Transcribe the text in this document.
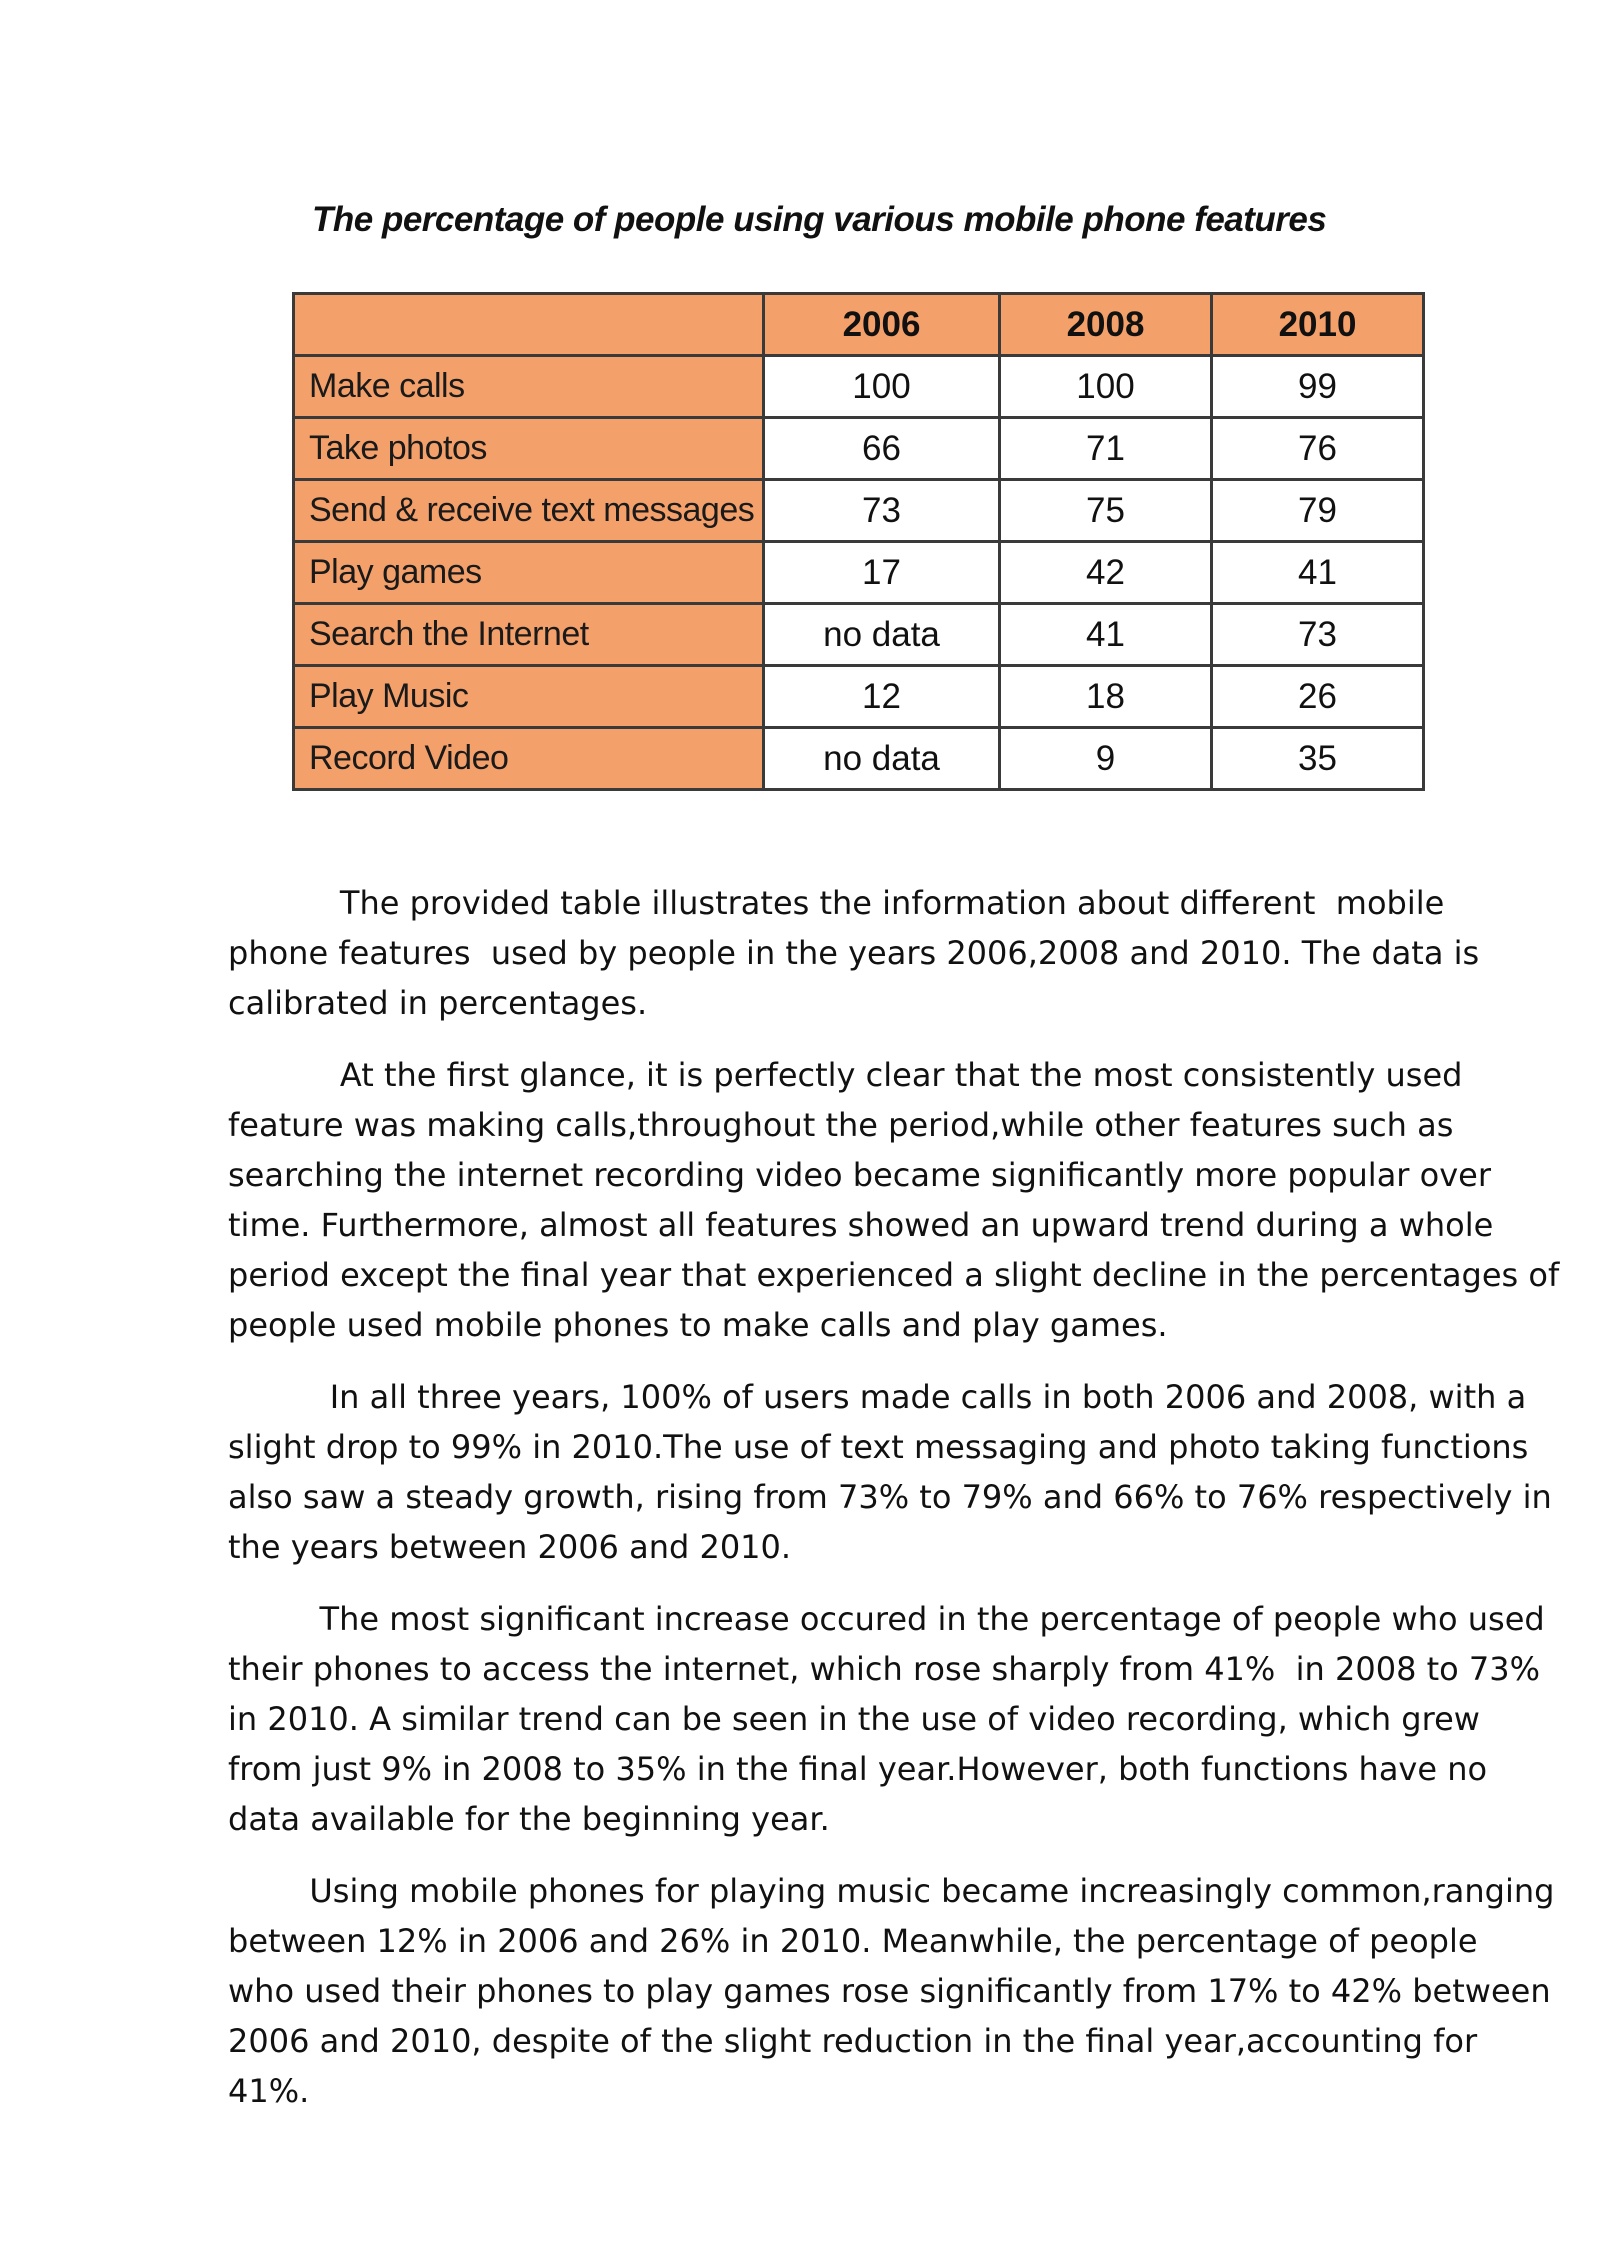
The percentage of people using various mobile phone features
	2006	2008	2010
Make calls	100	100	99
Take photos	66	71	76
Send & receive text messages	73	75	79
Play games	17	42	41
Search the Internet	no data	41	73
Play Music	12	18	26
Record Video	no data	9	35

The provided table illustrates the information about different  mobile
phone features  used by people in the years 2006,2008 and 2010. The data is
calibrated in percentages.

At the first glance, it is perfectly clear that the most consistently used
feature was making calls,throughout the period,while other features such as
searching the internet recording video became significantly more popular over
time. Furthermore, almost all features showed an upward trend during a whole
period except the final year that experienced a slight decline in the percentages of
people used mobile phones to make calls and play games.

In all three years, 100% of users made calls in both 2006 and 2008, with a
slight drop to 99% in 2010.The use of text messaging and photo taking functions
also saw a steady growth, rising from 73% to 79% and 66% to 76% respectively in
the years between 2006 and 2010.

The most significant increase occured in the percentage of people who used
their phones to access the internet, which rose sharply from 41%  in 2008 to 73%
in 2010. A similar trend can be seen in the use of video recording, which grew
from just 9% in 2008 to 35% in the final year.However, both functions have no
data available for the beginning year.

Using mobile phones for playing music became increasingly common,ranging
between 12% in 2006 and 26% in 2010. Meanwhile, the percentage of people
who used their phones to play games rose significantly from 17% to 42% between
2006 and 2010, despite of the slight reduction in the final year,accounting for
41%.
